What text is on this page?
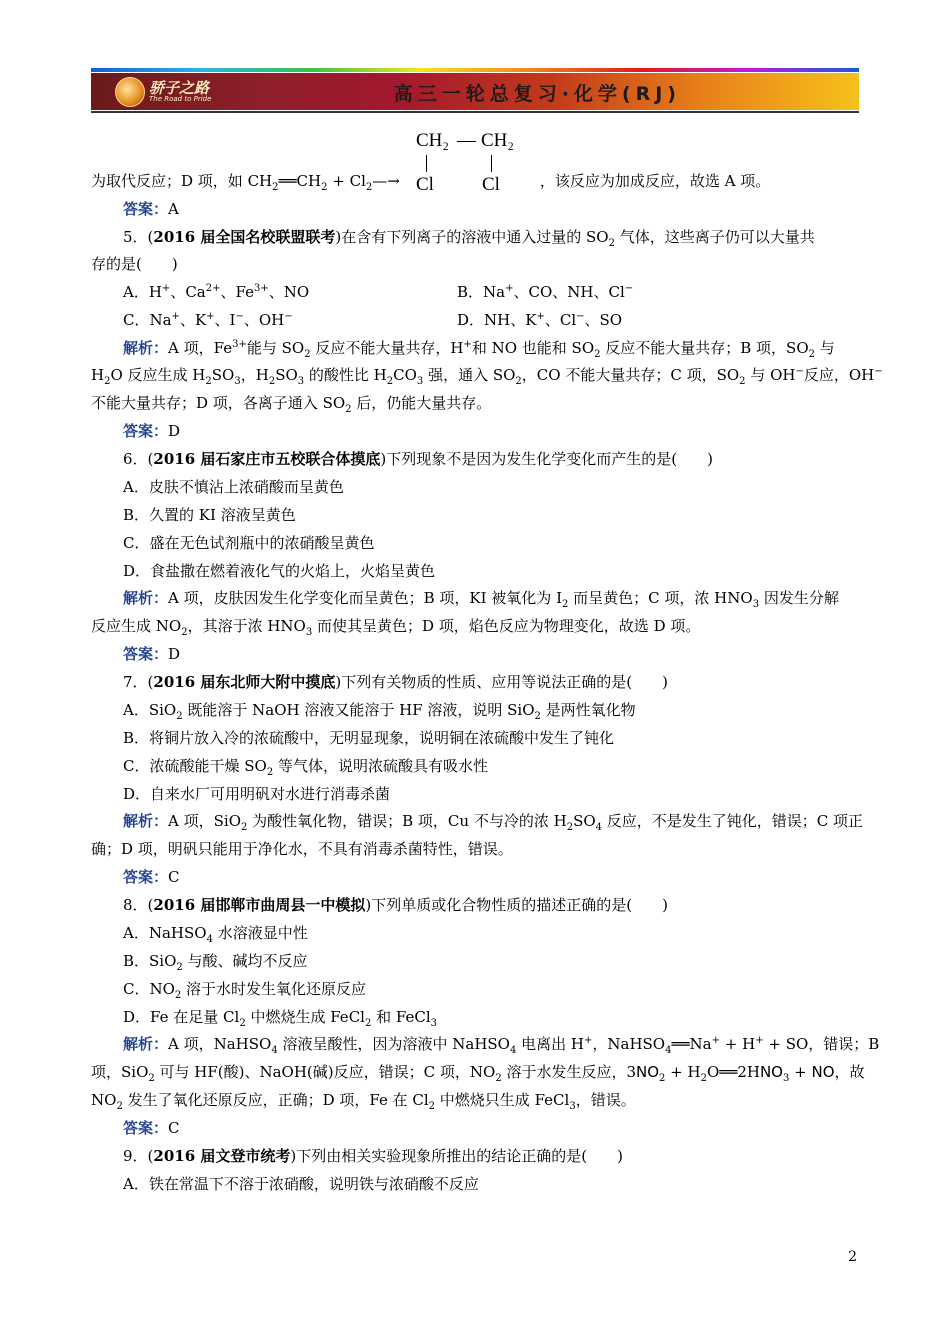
骄子之路
The Road to Pride	高三一轮总复习·化学(RJ)
CH₂ — CH₂
Cl	Cl
为取代反应；D 项，如 $CH_2══CH_2$ + $Cl_2—\to$	，该反应为加成反应，故选 A 项。
答案：A
5．(2016 届全国名校联盟联考)在含有下列离子的溶液中通入过量的 $SO_2$ 气体，这些离子仍可以大量共
存的是(　　)
A．H+、$Ca^{2+}$、$Fe^{3+}$、NO	B．Na+、CO、NH、Cl−
C．Na+、K+、I−、OH−	D．NH、K+、Cl−、SO
解析：A 项，$Fe^{3+}$能与 $SO_2$ 反应不能大量共存，H+和 NO 也能和 $SO_2$ 反应不能大量共存；B 项，$SO_2$ 与
$H_2O$ 反应生成 $H_2SO_3$，$H_2SO_3$ 的酸性比 $H_2CO_3$ 强，通入 $SO_2$，CO 不能大量共存；C 项，$SO_2$ 与 OH−反应，OH−
不能大量共存；D 项，各离子通入 $SO_2$ 后，仍能大量共存。
答案：D
6．(2016 届石家庄市五校联合体摸底)下列现象不是因为发生化学变化而产生的是(　　)
A．皮肤不慎沾上浓硝酸而呈黄色
B．久置的 KI 溶液呈黄色
C．盛在无色试剂瓶中的浓硝酸呈黄色
D．食盐撒在燃着液化气的火焰上，火焰呈黄色
解析：A 项，皮肤因发生化学变化而呈黄色；B 项，KI 被氧化为 $I_2$ 而呈黄色；C 项，浓 $HNO_3$ 因发生分解
反应生成 $NO_2$，其溶于浓 $HNO_3$ 而使其呈黄色；D 项，焰色反应为物理变化，故选 D 项。
答案：D
7．(2016 届东北师大附中摸底)下列有关物质的性质、应用等说法正确的是(　　)
A．SiO$_2$ 既能溶于 NaOH 溶液又能溶于 HF 溶液，说明 SiO$_2$ 是两性氧化物
B．将铜片放入冷的浓硫酸中，无明显现象，说明铜在浓硫酸中发生了钝化
C．浓硫酸能干燥 $SO_2$ 等气体，说明浓硫酸具有吸水性
D．自来水厂可用明矾对水进行消毒杀菌
解析：A 项，SiO$_2$ 为酸性氧化物，错误；B 项，Cu 不与冷的浓 $H_2SO_4$ 反应，不是发生了钝化，错误；C 项正
确；D 项，明矾只能用于净化水，不具有消毒杀菌特性，错误。
答案：C
8．(2016 届邯郸市曲周县一中模拟)下列单质或化合物性质的描述正确的是(　　)
A．NaHSO$_4$ 水溶液显中性
B．SiO$_2$ 与酸、碱均不反应
C．$NO_2$ 溶于水时发生氧化还原反应
D．Fe 在足量 $Cl_2$ 中燃烧生成 FeCl$_2$ 和 FeCl$_3$
解析：A 项，NaHSO$_4$ 溶液呈酸性，因为溶液中 NaHSO$_4$ 电离出 H+，NaHSO$_4$══Na+ + H+ + SO，错误；B
项，SiO$_2$ 可与 HF(酸)、NaOH(碱)反应，错误；C 项，$NO_2$ 溶于水发生反应，$3NO_2$ + $H_2O══2HNO_3$ + NO，故
$NO_2$ 发生了氧化还原反应，正确；D 项，Fe 在 $Cl_2$ 中燃烧只生成 FeCl$_3$，错误。
答案：C
9．(2016 届文登市统考)下列由相关实验现象所推出的结论正确的是(　　)
A．铁在常温下不溶于浓硝酸，说明铁与浓硝酸不反应
2
